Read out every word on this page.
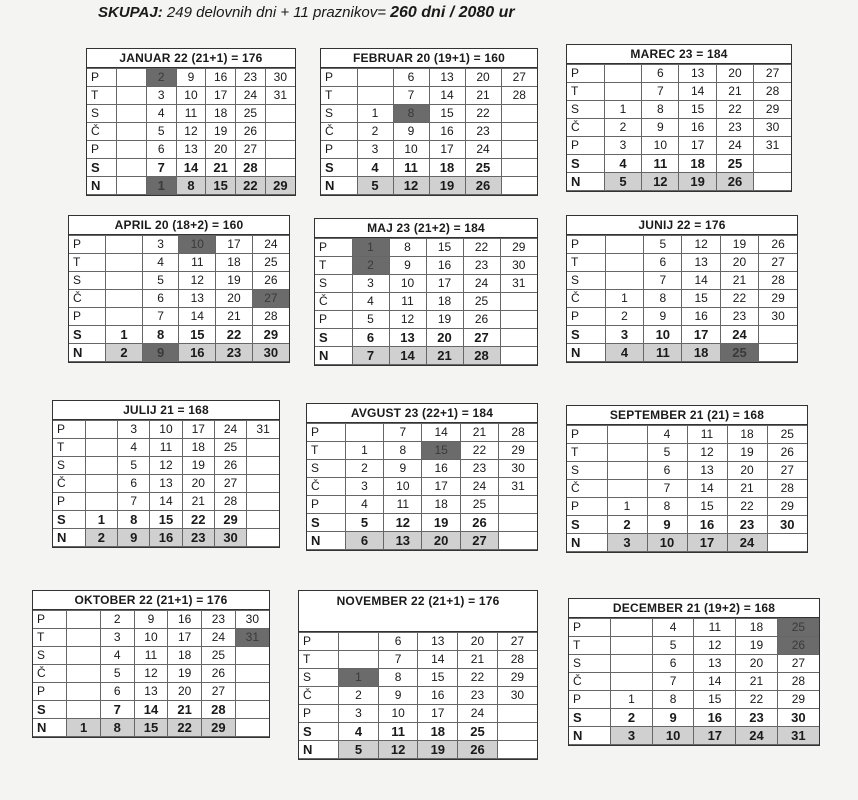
SKUPAJ: 249 delovnih dni + 11 praznikov= 260 dni / 2080 ur
JANUAR 22 (21+1) = 176
P		2	9	16	23	30
T		3	10	17	24	31
S		4	11	18	25	
Č		5	12	19	26	
P		6	13	20	27	
S		7	14	21	28	
N		1	8	15	22	29
FEBRUAR 20 (19+1) = 160
P		6	13	20	27
T		7	14	21	28
S	1	8	15	22	
Č	2	9	16	23	
P	3	10	17	24	
S	4	11	18	25	
N	5	12	19	26	
MAREC 23 = 184
P		6	13	20	27
T		7	14	21	28
S	1	8	15	22	29
Č	2	9	16	23	30
P	3	10	17	24	31
S	4	11	18	25	
N	5	12	19	26	
APRIL 20 (18+2) = 160
P		3	10	17	24
T		4	11	18	25
S		5	12	19	26
Č		6	13	20	27
P		7	14	21	28
S	1	8	15	22	29
N	2	9	16	23	30
MAJ 23 (21+2) = 184
P	1	8	15	22	29
T	2	9	16	23	30
S	3	10	17	24	31
Č	4	11	18	25	
P	5	12	19	26	
S	6	13	20	27	
N	7	14	21	28	
JUNIJ 22 = 176
P		5	12	19	26
T		6	13	20	27
S		7	14	21	28
Č	1	8	15	22	29
P	2	9	16	23	30
S	3	10	17	24	
N	4	11	18	25	
JULIJ 21 = 168
P		3	10	17	24	31
T		4	11	18	25	
S		5	12	19	26	
Č		6	13	20	27	
P		7	14	21	28	
S	1	8	15	22	29	
N	2	9	16	23	30	
AVGUST 23 (22+1) = 184
P		7	14	21	28
T	1	8	15	22	29
S	2	9	16	23	30
Č	3	10	17	24	31
P	4	11	18	25	
S	5	12	19	26	
N	6	13	20	27	
SEPTEMBER 21 (21) = 168
P		4	11	18	25
T		5	12	19	26
S		6	13	20	27
Č		7	14	21	28
P	1	8	15	22	29
S	2	9	16	23	30
N	3	10	17	24	
OKTOBER 22 (21+1) = 176
P		2	9	16	23	30
T		3	10	17	24	31
S		4	11	18	25	
Č		5	12	19	26	
P		6	13	20	27	
S		7	14	21	28	
N	1	8	15	22	29	
NOVEMBER 22 (21+1) = 176
P		6	13	20	27
T		7	14	21	28
S	1	8	15	22	29
Č	2	9	16	23	30
P	3	10	17	24	
S	4	11	18	25	
N	5	12	19	26	
DECEMBER 21 (19+2) = 168
P		4	11	18	25
T		5	12	19	26
S		6	13	20	27
Č		7	14	21	28
P	1	8	15	22	29
S	2	9	16	23	30
N	3	10	17	24	31
